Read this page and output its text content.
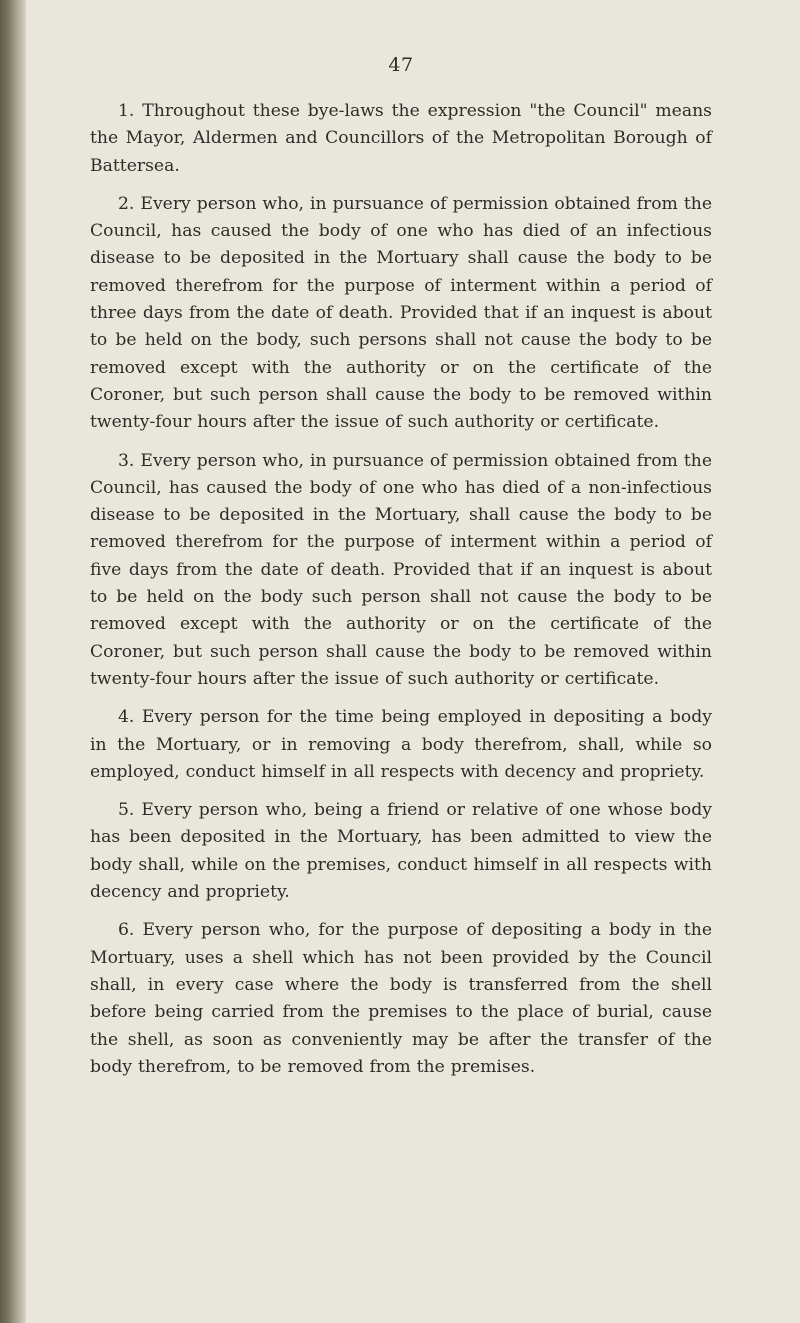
47

1. Throughout these bye-laws the expression "the Council" means the Mayor, Aldermen and Councillors of the Metropolitan Borough of Battersea.

2. Every person who, in pursuance of permission obtained from the Council, has caused the body of one who has died of an infectious disease to be deposited in the Mortuary shall cause the body to be removed therefrom for the purpose of interment within a period of three days from the date of death. Provided that if an inquest is about to be held on the body, such persons shall not cause the body to be removed except with the authority or on the certificate of the Coroner, but such person shall cause the body to be removed within twenty-four hours after the issue of such authority or certificate.

3. Every person who, in pursuance of permission obtained from the Council, has caused the body of one who has died of a non-infectious disease to be deposited in the Mortuary, shall cause the body to be removed therefrom for the purpose of interment within a period of five days from the date of death. Provided that if an inquest is about to be held on the body such person shall not cause the body to be removed except with the authority or on the certificate of the Coroner, but such person shall cause the body to be removed within twenty-four hours after the issue of such authority or certificate.

4. Every person for the time being employed in depositing a body in the Mortuary, or in removing a body therefrom, shall, while so employed, conduct himself in all respects with decency and propriety.

5. Every person who, being a friend or relative of one whose body has been deposited in the Mortuary, has been admitted to view the body shall, while on the premises, conduct himself in all respects with decency and propriety.

6. Every person who, for the purpose of depositing a body in the Mortuary, uses a shell which has not been provided by the Council shall, in every case where the body is transferred from the shell before being carried from the premises to the place of burial, cause the shell, as soon as conveniently may be after the transfer of the body therefrom, to be removed from the premises.
